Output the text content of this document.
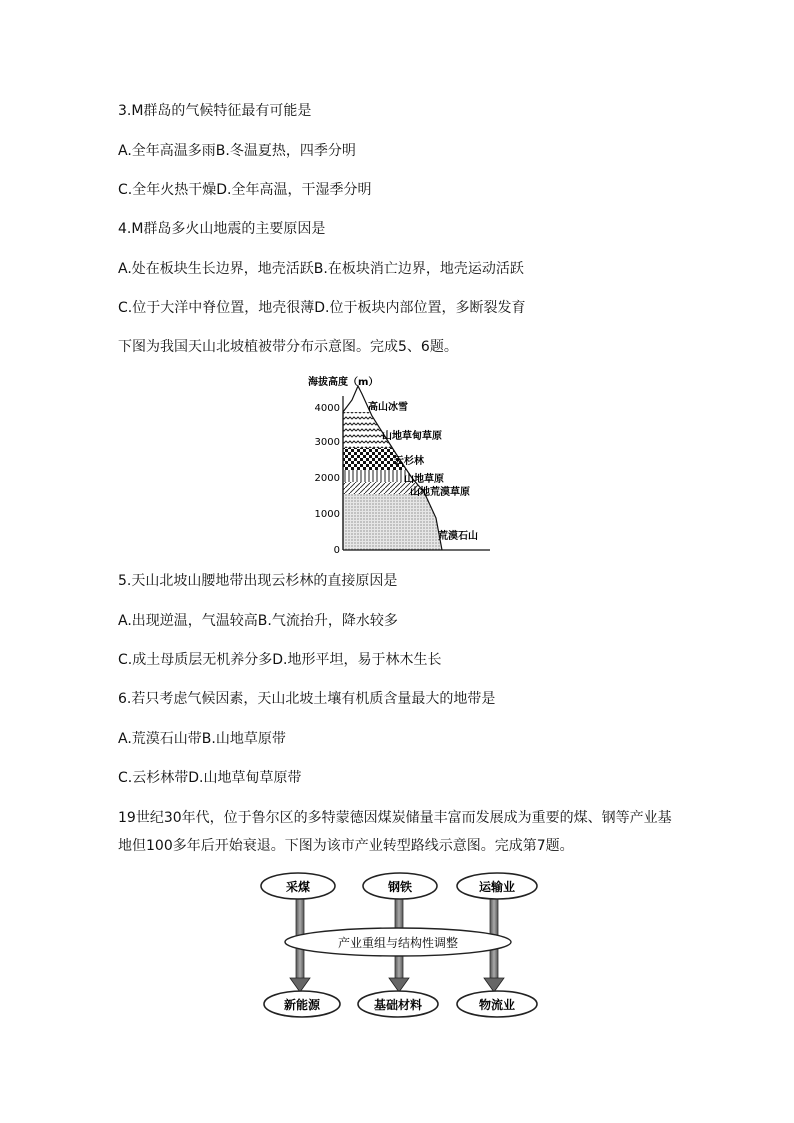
3.M群岛的气候特征最有可能是
A.全年高温多雨B.冬温夏热，四季分明
C.全年火热干燥D.全年高温，干湿季分明
4.M群岛多火山地震的主要原因是
A.处在板块生长边界，地壳活跃B.在板块消亡边界，地壳运动活跃
C.位于大洋中脊位置，地壳很薄D.位于板块内部位置，多断裂发育
下图为我国天山北坡植被带分布示意图。完成5、6题。
海拔高度（m）
4000
3000
2000
1000
0
高山冰雪
山地草甸草原
云杉林
山地草原
山地荒漠草原
荒漠石山
5.天山北坡山腰地带出现云杉林的直接原因是
A.出现逆温，气温较高B.气流抬升，降水较多
C.成土母质层无机养分多D.地形平坦，易于林木生长
6.若只考虑气候因素，天山北坡土壤有机质含量最大的地带是
A.荒漠石山带B.山地草原带
C.云杉林带D.山地草甸草原带
19世纪30年代，位于鲁尔区的多特蒙德因煤炭储量丰富而发展成为重要的煤、钢等产业基地但100多年后开始衰退。下图为该市产业转型路线示意图。完成第7题。
采煤	钢铁	运输业
产业重组与结构性调整
新能源	基础材料	物流业
